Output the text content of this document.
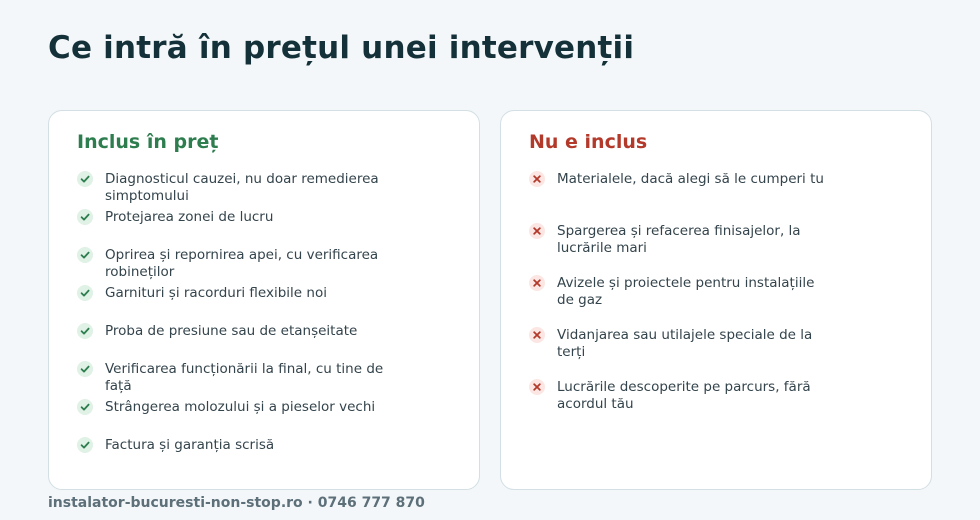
Ce intră în prețul unei intervenții
Inclus în preț
Diagnosticul cauzei, nu doar remedierea simptomului
Protejarea zonei de lucru
Oprirea și repornirea apei, cu verificarea robineților
Garnituri și racorduri flexibile noi
Proba de presiune sau de etanșeitate
Verificarea funcționării la final, cu tine de față
Strângerea molozului și a pieselor vechi
Factura și garanția scrisă
Nu e inclus
Materialele, dacă alegi să le cumperi tu
Spargerea și refacerea finisajelor, la lucrările mari
Avizele și proiectele pentru instalațiile de gaz
Vidanjarea sau utilajele speciale de la terți
Lucrările descoperite pe parcurs, fără acordul tău
instalator-bucuresti-non-stop.ro · 0746 777 870
